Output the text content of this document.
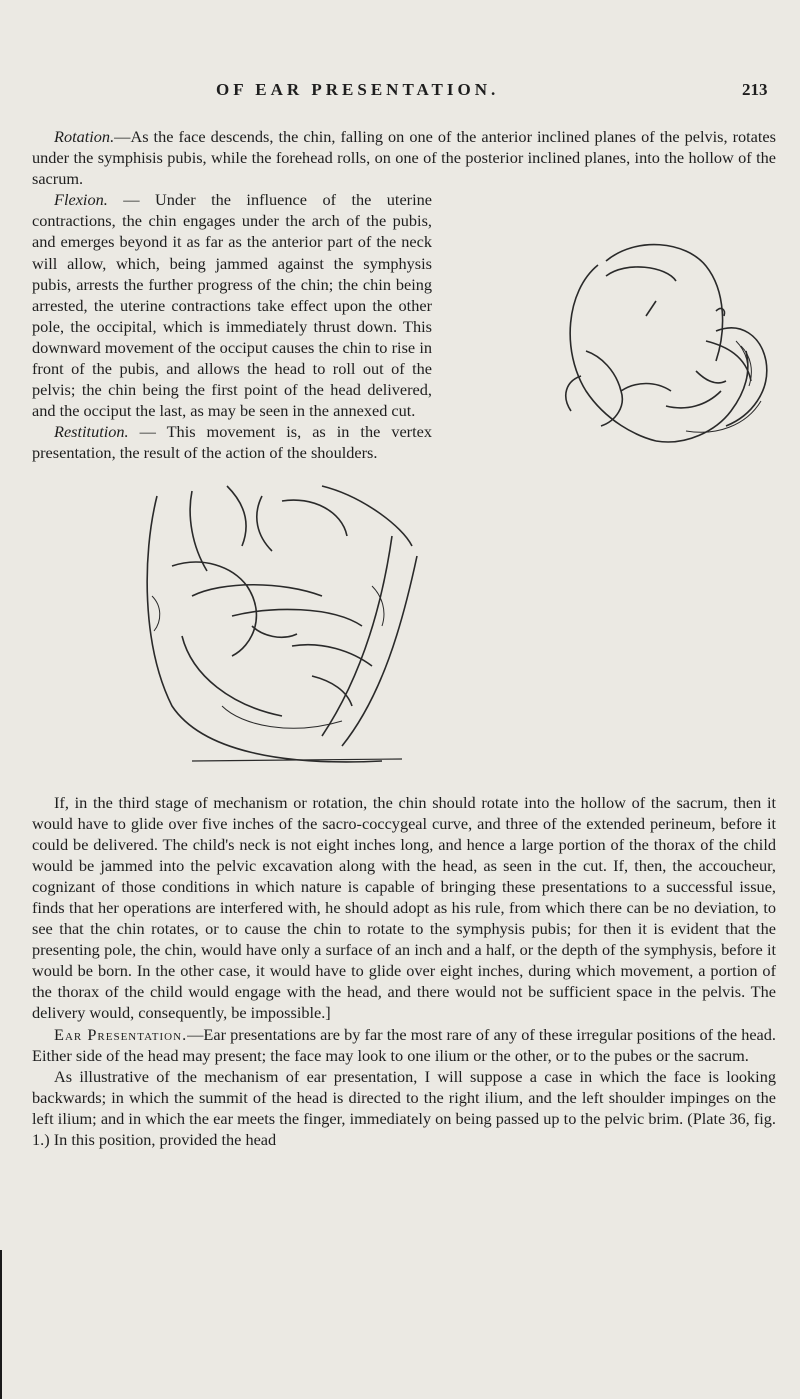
OF EAR PRESENTATION.	213

Rotation.—As the face descends, the chin, falling on one of the anterior inclined planes of the pelvis, rotates under the symphisis pubis, while the forehead rolls, on one of the posterior inclined planes, into the hollow of the sacrum.

Flexion. — Under the influence of the uterine contractions, the chin engages under the arch of the pubis, and emerges beyond it as far as the anterior part of the neck will allow, which, being jammed against the symphysis pubis, arrests the further progress of the chin; the chin being arrested, the uterine contractions take effect upon the other pole, the occipital, which is immediately thrust down. This downward movement of the occiput causes the chin to rise in front of the pubis, and allows the head to roll out of the pelvis; the chin being the first point of the head delivered, and the occiput the last, as may be seen in the annexed cut.

Restitution. — This movement is, as in the vertex presentation, the result of the action of the shoulders.

If, in the third stage of mechanism or rotation, the chin should rotate into the hollow of the sacrum, then it would have to glide over five inches of the sacro-coccygeal curve, and three of the extended perineum, before it could be delivered. The child's neck is not eight inches long, and hence a large portion of the thorax of the child would be jammed into the pelvic excavation along with the head, as seen in the cut. If, then, the accoucheur, cognizant of those conditions in which nature is capable of bringing these presentations to a successful issue, finds that her operations are interfered with, he should adopt as his rule, from which there can be no deviation, to see that the chin rotates, or to cause the chin to rotate to the symphysis pubis; for then it is evident that the presenting pole, the chin, would have only a surface of an inch and a half, or the depth of the symphysis, before it would be born. In the other case, it would have to glide over eight inches, during which movement, a portion of the thorax of the child would engage with the head, and there would not be sufficient space in the pelvis. The delivery would, consequently, be impossible.]

Ear Presentation.—Ear presentations are by far the most rare of any of these irregular positions of the head. Either side of the head may present; the face may look to one ilium or the other, or to the pubes or the sacrum.

As illustrative of the mechanism of ear presentation, I will suppose a case in which the face is looking backwards; in which the summit of the head is directed to the right ilium, and the left shoulder impinges on the left ilium; and in which the ear meets the finger, immediately on being passed up to the pelvic brim. (Plate 36, fig. 1.) In this position, provided the head
